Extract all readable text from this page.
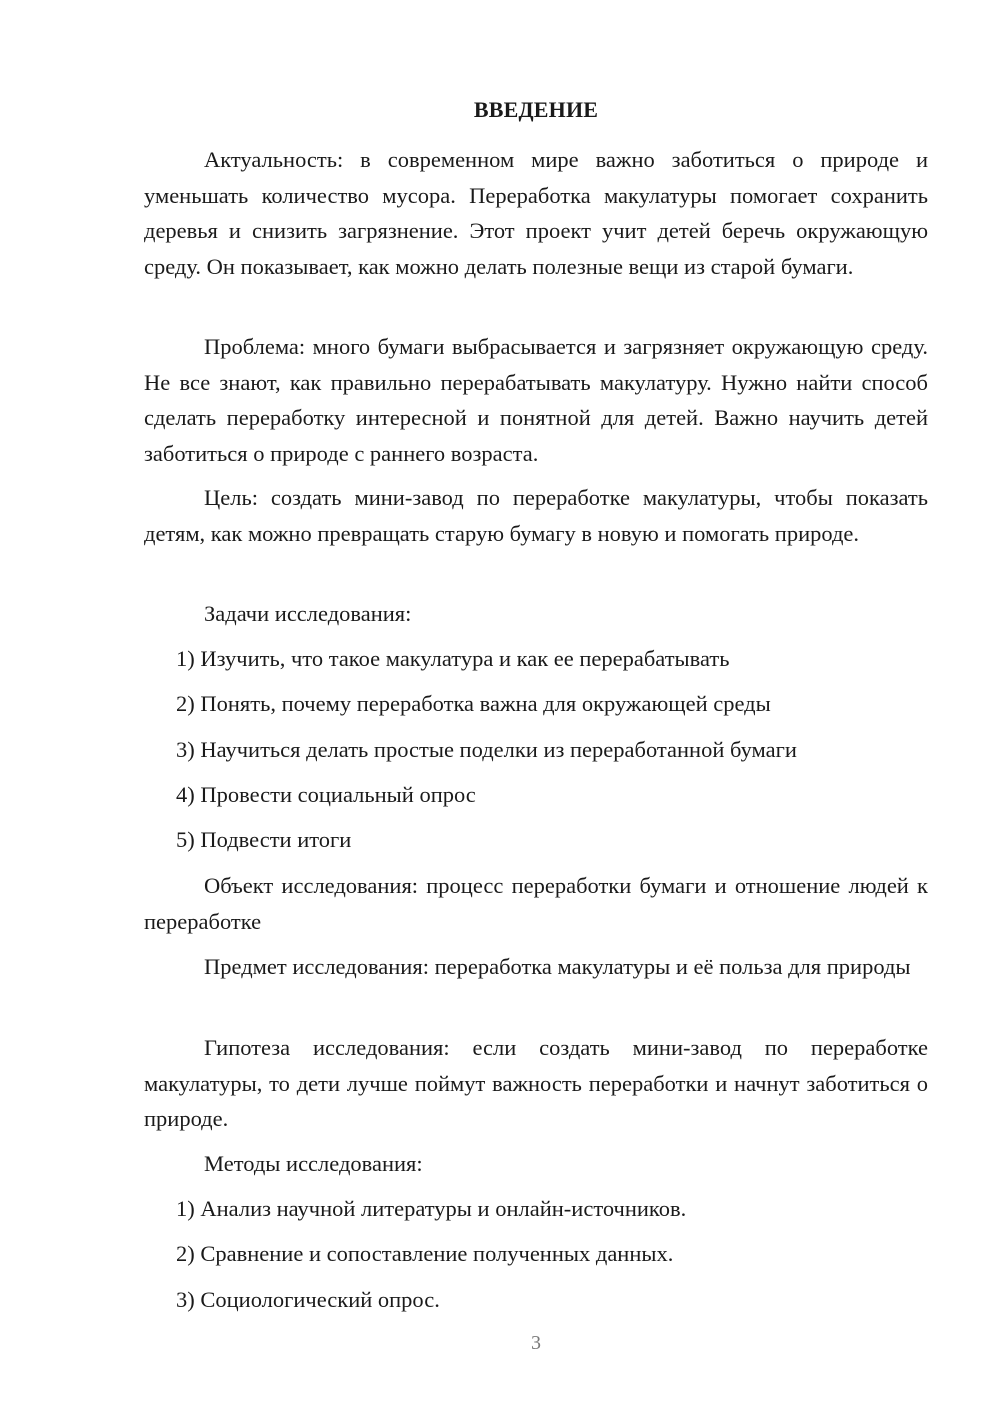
ВВЕДЕНИЕ

Актуальность: в современном мире важно заботиться о природе и уменьшать количество мусора. Переработка макулатуры помогает сохранить деревья и снизить загрязнение. Этот проект учит детей беречь окружающую среду. Он показывает, как можно делать полезные вещи из старой бумаги.

Проблема: много бумаги выбрасывается и загрязняет окружающую среду. Не все знают, как правильно перерабатывать макулатуру. Нужно найти способ сделать переработку интересной и понятной для детей. Важно научить детей заботиться о природе с раннего возраста.

Цель: создать мини-завод по переработке макулатуры, чтобы показать детям, как можно превращать старую бумагу в новую и помогать природе.

Задачи исследования:

1) Изучить, что такое макулатура и как ее перерабатывать

2) Понять, почему переработка важна для окружающей среды

3) Научиться делать простые поделки из переработанной бумаги

4) Провести социальный опрос

5) Подвести итоги

Объект исследования: процесс переработки бумаги и отношение людей к переработке

Предмет исследования: переработка макулатуры и её польза для природы

Гипотеза исследования: если создать мини-завод по переработке макулатуры, то дети лучше поймут важность переработки и начнут заботиться о природе.

Методы исследования:

1) Анализ научной литературы и онлайн-источников.

2) Сравнение и сопоставление полученных данных.

3) Социологический опрос.

3
